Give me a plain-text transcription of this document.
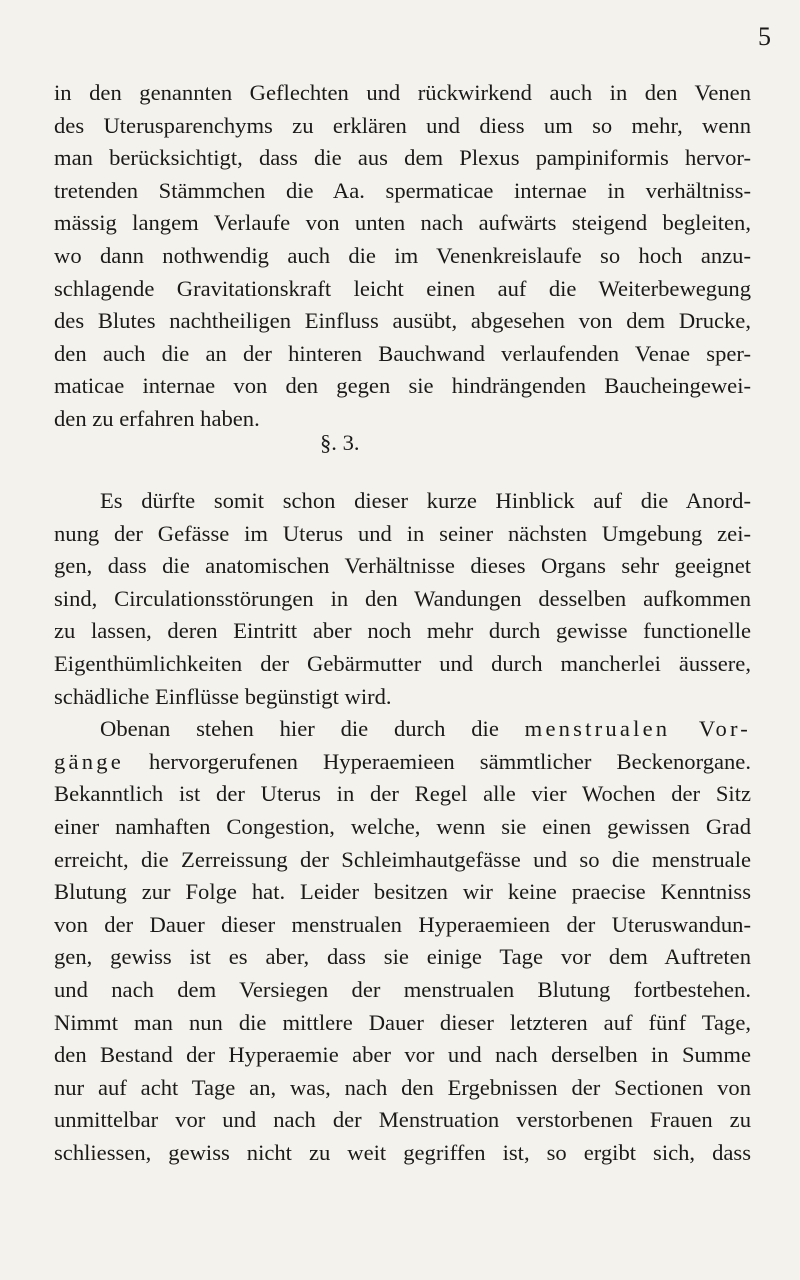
5
in den genannten Geflechten und rückwirkend auch in den Venen
des Uterusparenchyms zu erklären und diess um so mehr, wenn
man berücksichtigt, dass die aus dem Plexus pampiniformis hervor-
tretenden Stämmchen die Aa. spermaticae internae in verhältniss-
mässig langem Verlaufe von unten nach aufwärts steigend begleiten,
wo dann nothwendig auch die im Venenkreislaufe so hoch anzu-
schlagende Gravitationskraft leicht einen auf die Weiterbewegung
des Blutes nachtheiligen Einfluss ausübt, abgesehen von dem Drucke,
den auch die an der hinteren Bauchwand verlaufenden Venae sper-
maticae internae von den gegen sie hindrängenden Baucheingewei-
den zu erfahren haben.
§. 3.
Es dürfte somit schon dieser kurze Hinblick auf die Anord-
nung der Gefässe im Uterus und in seiner nächsten Umgebung zei-
gen, dass die anatomischen Verhältnisse dieses Organs sehr geeignet
sind, Circulationsstörungen in den Wandungen desselben aufkommen
zu lassen, deren Eintritt aber noch mehr durch gewisse functionelle
Eigenthümlichkeiten der Gebärmutter und durch mancherlei äussere,
schädliche Einflüsse begünstigt wird.
Obenan stehen hier die durch die menstrualen Vor-
gänge hervorgerufenen Hyperaemieen sämmtlicher Beckenorgane.
Bekanntlich ist der Uterus in der Regel alle vier Wochen der Sitz
einer namhaften Congestion, welche, wenn sie einen gewissen Grad
erreicht, die Zerreissung der Schleimhautgefässe und so die menstruale
Blutung zur Folge hat. Leider besitzen wir keine praecise Kenntniss
von der Dauer dieser menstrualen Hyperaemieen der Uteruswandun-
gen, gewiss ist es aber, dass sie einige Tage vor dem Auftreten
und nach dem Versiegen der menstrualen Blutung fortbestehen.
Nimmt man nun die mittlere Dauer dieser letzteren auf fünf Tage,
den Bestand der Hyperaemie aber vor und nach derselben in Summe
nur auf acht Tage an, was, nach den Ergebnissen der Sectionen von
unmittelbar vor und nach der Menstruation verstorbenen Frauen zu
schliessen, gewiss nicht zu weit gegriffen ist, so ergibt sich, dass
